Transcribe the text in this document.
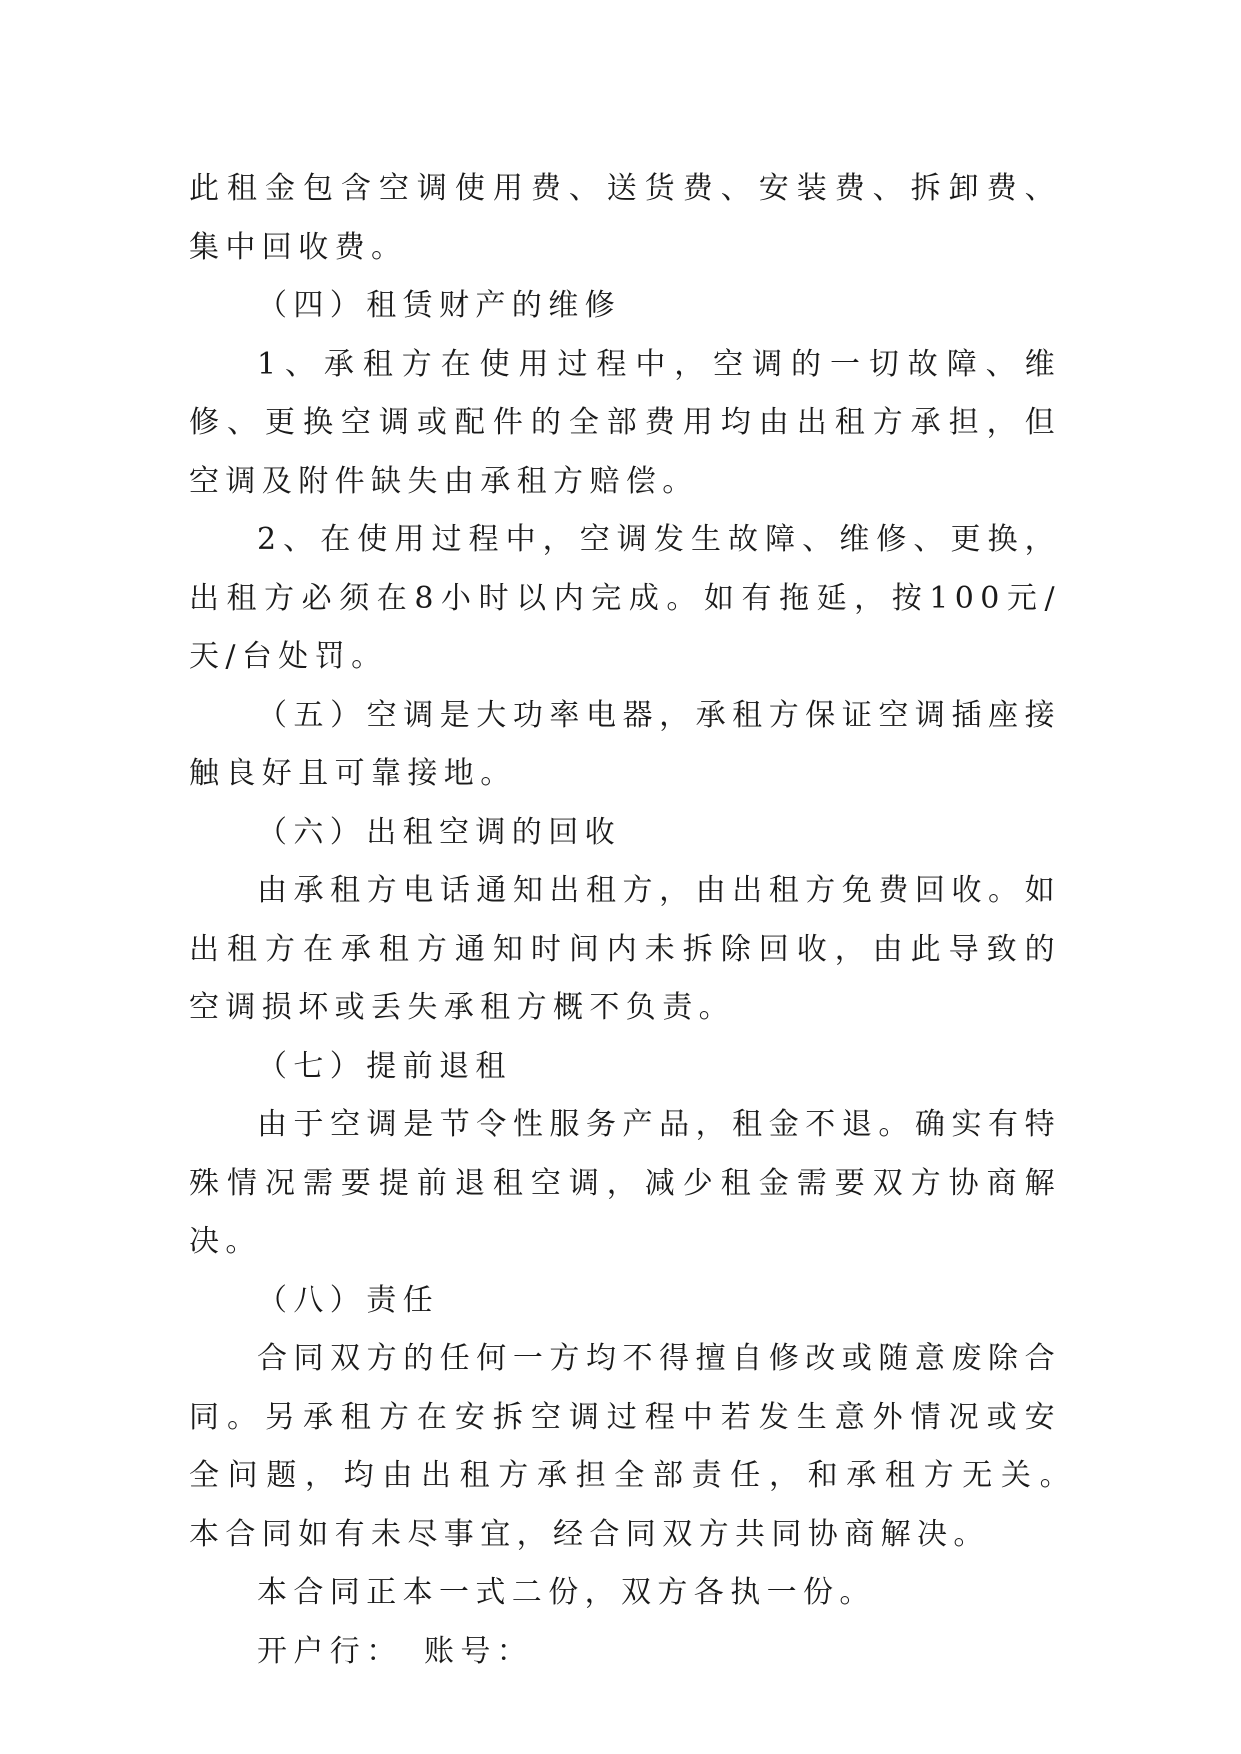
此租金包含空调使用费、送货费、安装费、拆卸费、集中回收费。

（四）租赁财产的维修

1、承租方在使用过程中，空调的一切故障、维修、更换空调或配件的全部费用均由出租方承担，但空调及附件缺失由承租方赔偿。

2、在使用过程中，空调发生故障、维修、更换，出租方必须在8小时以内完成。如有拖延，按100元/天/台处罚。

（五）空调是大功率电器，承租方保证空调插座接触良好且可靠接地。

（六）出租空调的回收

由承租方电话通知出租方，由出租方免费回收。如出租方在承租方通知时间内未拆除回收，由此导致的空调损坏或丢失承租方概不负责。

（七）提前退租

由于空调是节令性服务产品，租金不退。确实有特殊情况需要提前退租空调，减少租金需要双方协商解决。

（八）责任

合同双方的任何一方均不得擅自修改或随意废除合同。另承租方在安拆空调过程中若发生意外情况或安全问题，均由出租方承担全部责任，和承租方无关。　本合同如有未尽事宜，经合同双方共同协商解决。

本合同正本一式二份，双方各执一份。

开户行：　账号：
